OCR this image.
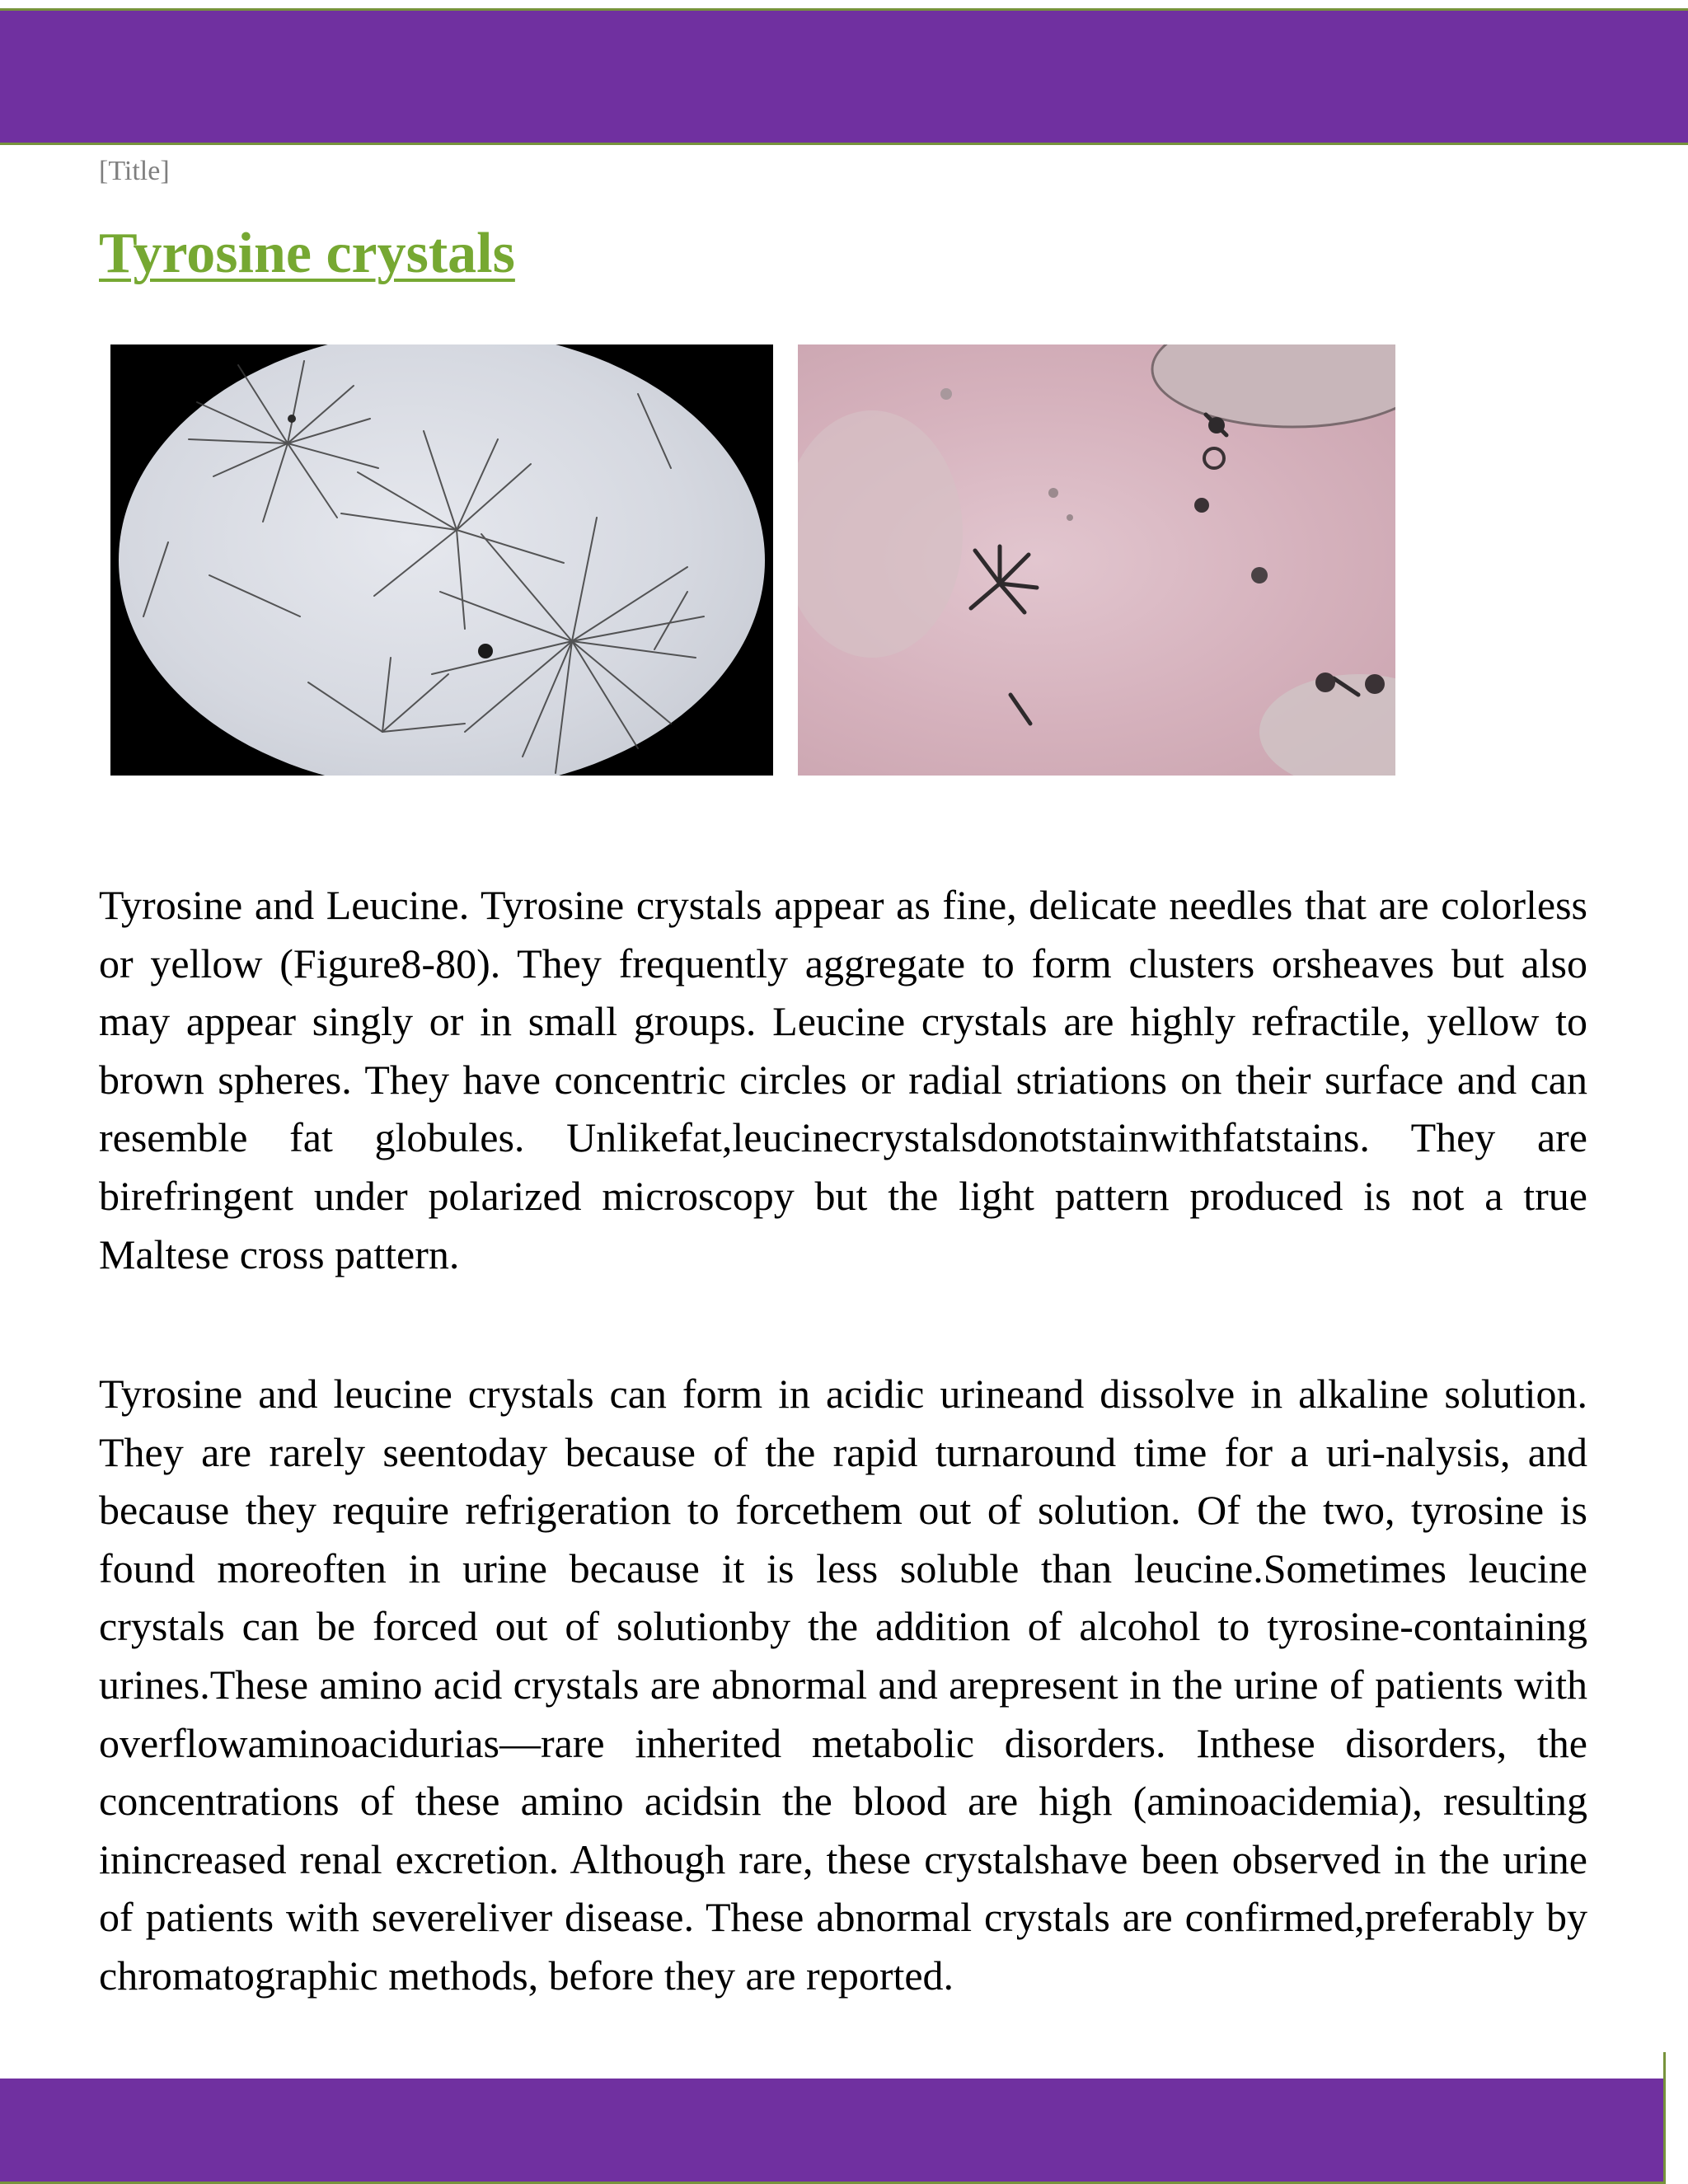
[Title]
Tyrosine crystals

Tyrosine and Leucine. Tyrosine crystals appear as fine, delicate needles that are colorless or yellow (Figure8-80). They frequently aggregate to form clusters orsheaves but also may appear singly or in small groups. Leucine crystals are highly refractile, yellow to brown spheres. They have concentric circles or radial striations on their surface and can resemble fat globules. Unlikefat,leucinecrystalsdonotstainwithfatstains. They are birefringent under polarized microscopy but the light pattern produced is not a true Maltese cross pattern.

Tyrosine and leucine crystals can form in acidic urineand dissolve in alkaline solution. They are rarely seentoday because of the rapid turnaround time for a uri-nalysis, and because they require refrigeration to forcethem out of solution. Of the two, tyrosine is found moreoften in urine because it is less soluble than leucine.Sometimes leucine crystals can be forced out of solutionby the addition of alcohol to tyrosine-containing urines.These amino acid crystals are abnormal and arepresent in the urine of patients with overflowaminoacidurias—rare inherited metabolic disorders. Inthese disorders, the concentrations of these amino acidsin the blood are high (aminoacidemia), resulting inincreased renal excretion. Although rare, these crystalshave been observed in the urine of patients with severeliver disease. These abnormal crystals are confirmed,preferably by chromatographic methods, before they are reported.
